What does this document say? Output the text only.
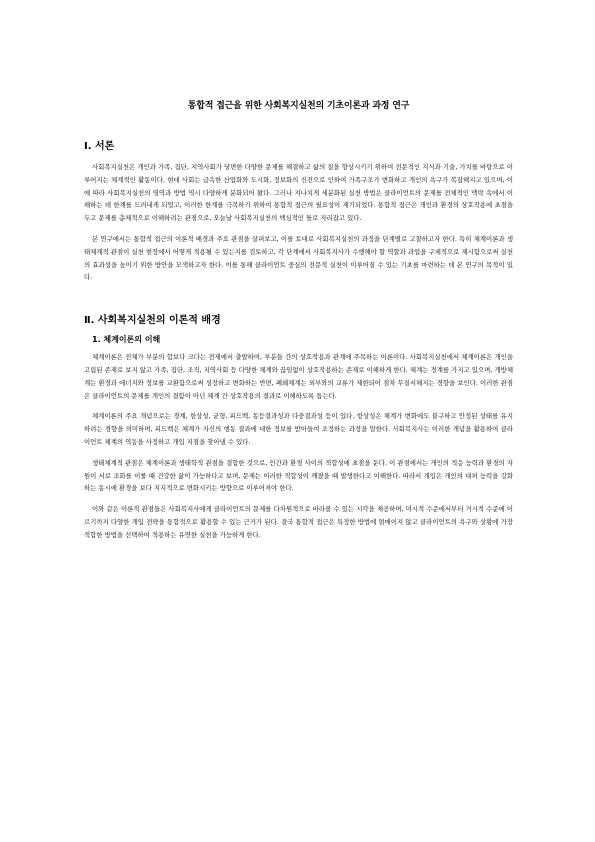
통합적 접근을 위한 사회복지실천의 기초이론과 과정 연구
I. 서론

사회복지실천은 개인과 가족, 집단, 지역사회가 당면한 다양한 문제를 해결하고 삶의 질을 향상시키기 위하여 전문적인 지식과 기술, 가치를 바탕으로 이루어지는 체계적인 활동이다. 현대 사회는 급속한 산업화와 도시화, 정보화의 진전으로 인하여 가족구조가 변화하고 개인의 욕구가 복잡해지고 있으며, 이에 따라 사회복지실천의 영역과 방법 역시 다양하게 분화되어 왔다. 그러나 지나치게 세분화된 실천 방법은 클라이언트의 문제를 전체적인 맥락 속에서 이해하는 데 한계를 드러내게 되었고, 이러한 한계를 극복하기 위하여 통합적 접근의 필요성이 제기되었다. 통합적 접근은 개인과 환경의 상호작용에 초점을 두고 문제를 총체적으로 이해하려는 관점으로, 오늘날 사회복지실천의 핵심적인 틀로 자리잡고 있다.

본 연구에서는 통합적 접근의 이론적 배경과 주요 관점을 살펴보고, 이를 토대로 사회복지실천의 과정을 단계별로 고찰하고자 한다. 특히 체계이론과 생태체계적 관점이 실천 현장에서 어떻게 적용될 수 있는지를 검토하고, 각 단계에서 사회복지사가 수행해야 할 역할과 과업을 구체적으로 제시함으로써 실천의 효과성을 높이기 위한 방안을 모색하고자 한다. 이를 통해 클라이언트 중심의 전문적 실천이 이루어질 수 있는 기초를 마련하는 데 본 연구의 목적이 있다.

Ⅱ. 사회복지실천의 이론적 배경
1. 체계이론의 이해

체계이론은 전체가 부분의 합보다 크다는 전제에서 출발하여, 부분들 간의 상호작용과 관계에 주목하는 이론이다. 사회복지실천에서 체계이론은 개인을 고립된 존재로 보지 않고 가족, 집단, 조직, 지역사회 등 다양한 체계와 끊임없이 상호작용하는 존재로 이해하게 한다. 체계는 경계를 가지고 있으며, 개방체계는 환경과 에너지와 정보를 교환함으로써 성장하고 변화하는 반면, 폐쇄체계는 외부와의 교류가 제한되어 점차 무질서해지는 경향을 보인다. 이러한 관점은 클라이언트의 문제를 개인의 결함이 아닌 체계 간 상호작용의 결과로 이해하도록 돕는다.

체계이론의 주요 개념으로는 경계, 항상성, 균형, 피드백, 동등결과성과 다중결과성 등이 있다. 항상성은 체계가 변화에도 불구하고 안정된 상태를 유지하려는 경향을 의미하며, 피드백은 체계가 자신의 행동 결과에 대한 정보를 받아들여 조정하는 과정을 말한다. 사회복지사는 이러한 개념을 활용하여 클라이언트 체계의 역동을 사정하고 개입 지점을 찾아낼 수 있다.

생태체계적 관점은 체계이론과 생태학적 관점을 결합한 것으로, 인간과 환경 사이의 적합성에 초점을 둔다. 이 관점에서는 개인의 적응 능력과 환경의 자원이 서로 조화를 이룰 때 건강한 삶이 가능하다고 보며, 문제는 이러한 적합성이 깨졌을 때 발생한다고 이해한다. 따라서 개입은 개인의 대처 능력을 강화하는 동시에 환경을 보다 지지적으로 변화시키는 방향으로 이루어져야 한다.

이와 같은 이론적 관점들은 사회복지사에게 클라이언트의 문제를 다차원적으로 바라볼 수 있는 시각을 제공하며, 미시적 수준에서부터 거시적 수준에 이르기까지 다양한 개입 전략을 통합적으로 활용할 수 있는 근거가 된다. 결국 통합적 접근은 특정한 방법에 얽매이지 않고 클라이언트의 욕구와 상황에 가장 적합한 방법을 선택하여 적용하는 유연한 실천을 가능하게 한다.
